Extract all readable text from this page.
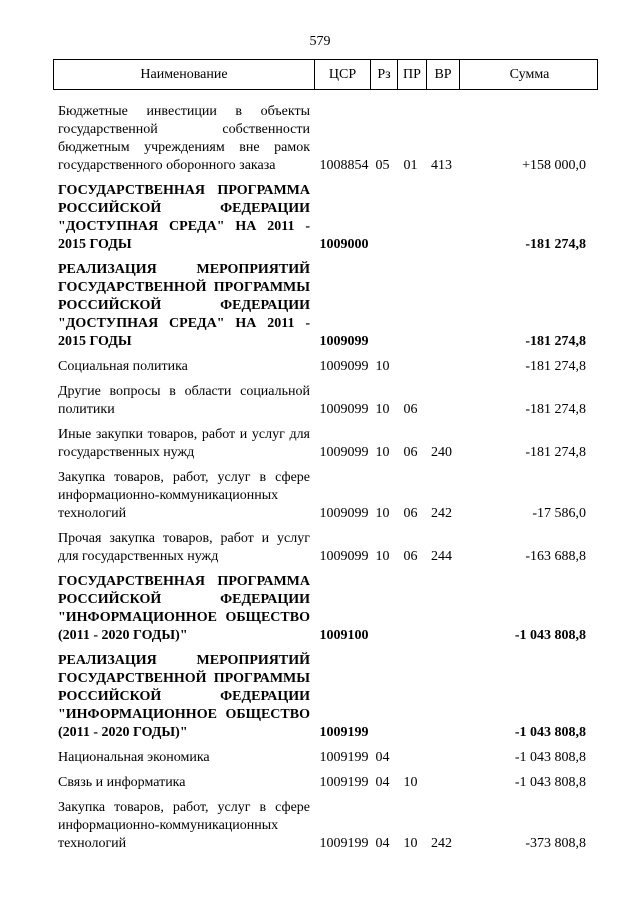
579
Наименование	ЦСР	Рз ПР ВР	Сумма
Бюджетные инвестиции в объекты государственной собственности бюджетным учреждениям вне рамок государственного оборонного заказа	1008854 05	01 413	+158 000,0
ГОСУДАРСТВЕННАЯ ПРОГРАММА РОССИЙСКОЙ ФЕДЕРАЦИИ "ДОСТУПНАЯ СРЕДА" НА 2011 - 2015 ГОДЫ	1009000	-181 274,8
РЕАЛИЗАЦИЯ МЕРОПРИЯТИЙ ГОСУДАРСТВЕННОЙ ПРОГРАММЫ РОССИЙСКОЙ ФЕДЕРАЦИИ "ДОСТУПНАЯ СРЕДА" НА 2011 - 2015 ГОДЫ	1009099	-181 274,8
Социальная политика	1009099 10	-181 274,8
Другие вопросы в области социальной политики	1009099 10	06	-181 274,8
Иные закупки товаров, работ и услуг для государственных нужд	1009099 10	06 240	-181 274,8
Закупка товаров, работ, услуг в сфере информационно-коммуникационных технологий	1009099 10	06 242	-17 586,0
Прочая закупка товаров, работ и услуг для государственных нужд	1009099 10	06 244	-163 688,8
ГОСУДАРСТВЕННАЯ ПРОГРАММА РОССИЙСКОЙ ФЕДЕРАЦИИ "ИНФОРМАЦИОННОЕ ОБЩЕСТВО (2011 - 2020 ГОДЫ)"	1009100	-1 043 808,8
РЕАЛИЗАЦИЯ МЕРОПРИЯТИЙ ГОСУДАРСТВЕННОЙ ПРОГРАММЫ РОССИЙСКОЙ ФЕДЕРАЦИИ "ИНФОРМАЦИОННОЕ ОБЩЕСТВО (2011 - 2020 ГОДЫ)"	1009199	-1 043 808,8
Национальная экономика	1009199 04	-1 043 808,8
Связь и информатика	1009199 04	10	-1 043 808,8
Закупка товаров, работ, услуг в сфере информационно-коммуникационных технологий	1009199 04	10 242	-373 808,8
